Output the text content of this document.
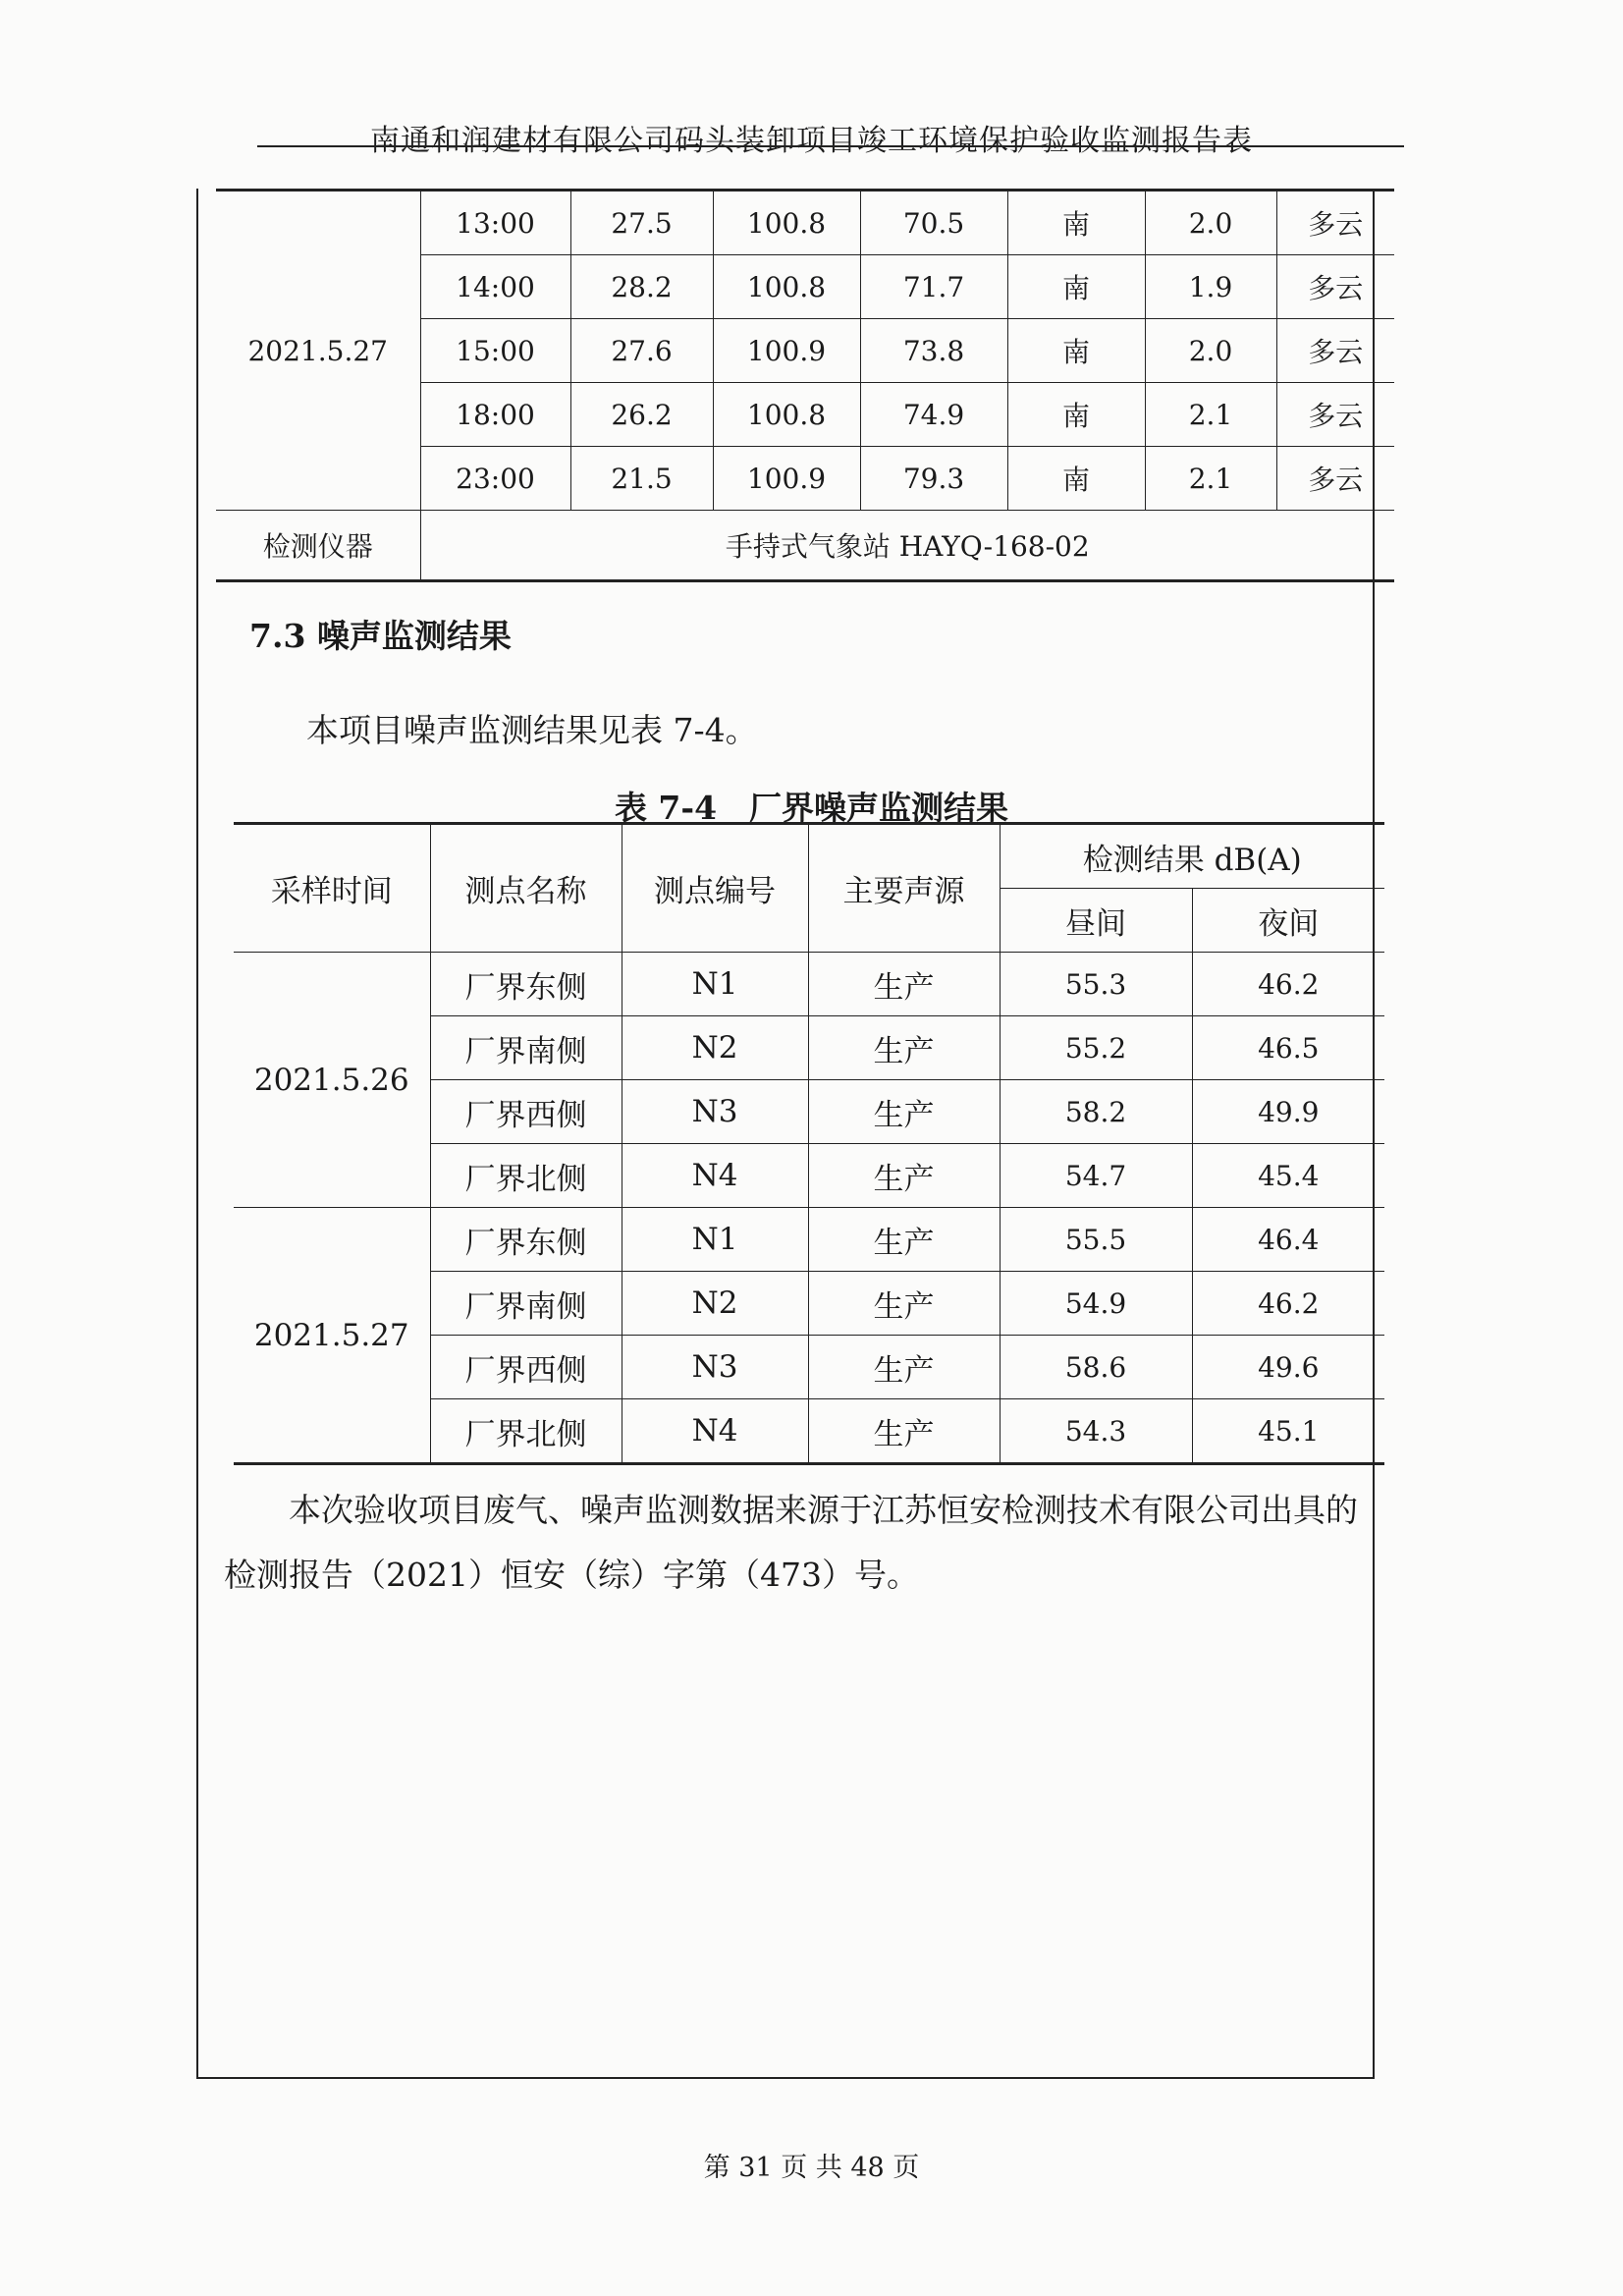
南通和润建材有限公司码头装卸项目竣工环境保护验收监测报告表
2021.5.27	13:00	27.5	100.8	70.5	南	2.0	多云
	14:00	28.2	100.8	71.7	南	1.9	多云
	15:00	27.6	100.9	73.8	南	2.0	多云
	18:00	26.2	100.8	74.9	南	2.1	多云
	23:00	21.5	100.9	79.3	南	2.1	多云
检测仪器	手持式气象站 HAYQ-168-02						
7.3 噪声监测结果
本项目噪声监测结果见表 7-4。
表 7-4　厂界噪声监测结果
采样时间	测点名称	测点编号	主要声源	检测结果 dB(A)	
				昼间	夜间
2021.5.26	厂界东侧	N1	生产	55.3	46.2
	厂界南侧	N2	生产	55.2	46.5
	厂界西侧	N3	生产	58.2	49.9
	厂界北侧	N4	生产	54.7	45.4
2021.5.27	厂界东侧	N1	生产	55.5	46.4
	厂界南侧	N2	生产	54.9	46.2
	厂界西侧	N3	生产	58.6	49.6
	厂界北侧	N4	生产	54.3	45.1
本次验收项目废气、噪声监测数据来源于江苏恒安检测技术有限公司出具的检测报告（2021）恒安（综）字第（473）号。
第 31 页 共 48 页
